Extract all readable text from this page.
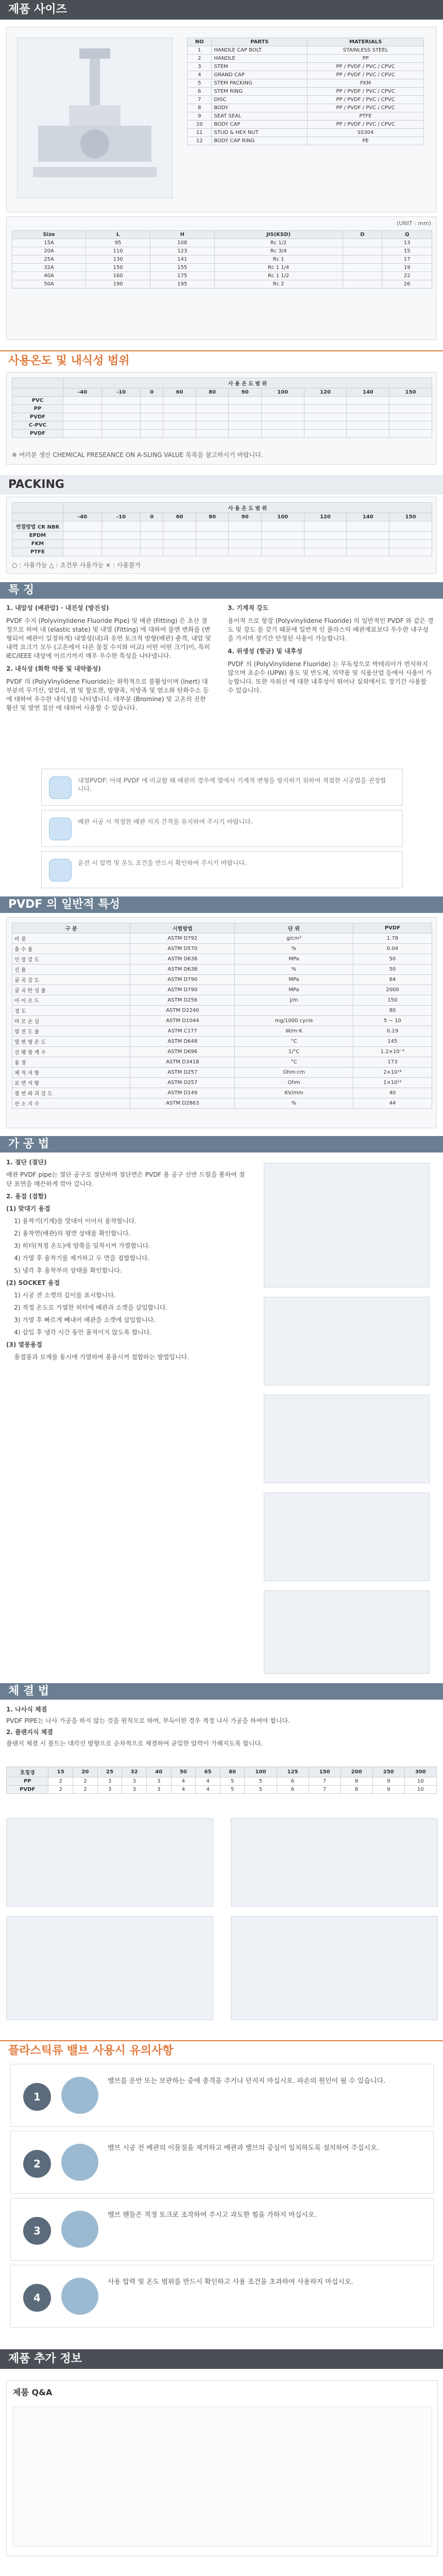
제품 사이즈
NO	PARTS	MATERIALS
1	HANDLE CAP BOLT	STAINLESS STEEL
2	HANDLE	PP
3	STEM	PP / PVDF / PVC / CPVC
4	GRAND CAP	PP / PVDF / PVC / CPVC
5	STEM PACKING	FKM
6	STEM RING	PP / PVDF / PVC / CPVC
7	DISC	PP / PVDF / PVC / CPVC
8	BODY	PP / PVDF / PVC / CPVC
9	SEAT SEAL	PTFE
10	BODY CAP	PP / PVDF / PVC / CPVC
11	STUD & HEX NUT	SS304
12	BODY CAP RING	PE
(UNIT : mm)
Size	L	H	JIS(KSD)	D	Q
15A	95	108	Rc 1/2		13
20A	110	123	Rc 3/4		15
25A	130	141	Rc 1		17
32A	150	155	Rc 1 1/4		19
40A	160	175	Rc 1 1/2		22
50A	190	195	Rc 2		26
사용온도 및 내식성 범위
	사 용 온 도 범 위									
	-40	-10	0	60	80	90	100	120	140	150
PVC										
PP										
PVDF										
C-PVC										
PVDF										
※ 여러분 생산 CHEMICAL PRESEANCE ON A-SLING VALUE 목록을 참고하시기 바랍니다.
PACKING
	사 용 온 도 범 위									
	-40	-10	0	60	80	90	100	120	140	150
연결방법 CR NBR										
EPDM										
FKM										
PTFE										
○ : 사용가능 △ : 조건부 사용가능 × : 사용불가
특 징
1. 내압성 (배관압) · 내진성 (방진성)
PVDF 수지 (Polyvinylidene Fluoride Pipe) 및 배관 (Fitting) 은 초산 결정으로 하여 내 (elastic state) 및 내열 (Fitting) 에 대하여 물엔 변화를 (변형되어 배관이 일정하게) 내열성(내)과 유연 토크적 방향(배관) 충격, 내압 및 내력 요크기 모두 (고온에서 다른 물질 수지와 비교) 어떤 어떤 크기)이, 특히 IEC/IEEE 대상에 이르기까지 매우 우수한 특성을 나타냅니다.
2. 내식성 (화학 약품 및 내약품성)
PVDF 의 (PolyVinylidene Fluoride)는 화학적으로 불활성이며 (Inert) 대부분의 무기산, 알칼리, 염 및 할로겐, 방향족, 지방족 및 염소화 탄화수소 등에 대하여 우수한 내식성을 나타냅니다. 대부분 (Bromine) 및 고온의 진한 황산 및 발연 질산 에 대하여 사용할 수 있습니다.
3. 기계적 강도
용어적 으로 항장 (Polyvinylidene Fluoride) 의 일반적인 PVDF 와 같은 경도 및 강도 를 갖기 때문에 일반적 인 플라스틱 배관재료보다 우수한 내구성을 가지며 장기간 안정된 사용이 가능합니다.
4. 위생성 (항균) 및 내후성
PVDF 의 (PolyVinylidene Fluoride) 는 무독성으로 박테리아가 번식하지 않으며 초순수 (UPW) 용도 및 반도체, 의약품 및 식품산업 등에서 사용이 가능합니다. 또한 자외선 에 대한 내후성이 뛰어나 실외에서도 장기간 사용할 수 있습니다.
내열PVDF: 아래 PVDF 에 비교할 때 배관의 경우에 열에서 기계적 변형을 방지하기 위하여 적절한 시공법을 권장합니다.
배관 시공 시 적정한 배관 지지 간격을 유지하여 주시기 바랍니다.
운전 시 압력 및 온도 조건을 반드시 확인하여 주시기 바랍니다.
PVDF 의 일반적 특성
구 분	시험방법	단 위	PVDF
비 중	ASTM D792	g/cm³	1.78
흡 수 율	ASTM D570	%	0.04
인 장 강 도	ASTM D638	MPa	50
신 율	ASTM D638	%	50
굴 곡 강 도	ASTM D790	MPa	64
굴 곡 탄 성 율	ASTM D790	MPa	2000
아 이 조 드	ASTM D256	J/m	150
경 도	ASTM D2240		80
마 모 손 실	ASTM D1044	mg/1000 cycle	5 ~ 10
열 전 도 율	ASTM C177	W/m·K	0.19
열 변 형 온 도	ASTM D648	°C	145
선 팽 창 계 수	ASTM D696	1/°C	1.2×10⁻⁴
융 점	ASTM D3418	°C	173
체 적 저 항	ASTM D257	Ohm·cm	2×10¹⁴
표 면 저 항	ASTM D257	Ohm	1×10¹²
절 연 파 괴 강 도	ASTM D149	KV/mm	40
산 소 지 수	ASTM D2863	%	44
가 공 법
1. 절단 (절단)
배관 PVDF pipe는 절단 공구로 절단하며 절단면은 PVDF 용 공구 선반 드릴을 통하여 절단 표면을 매끈하게 깎아 갑니다.
2. 용접 (접합)
(1) 맞대기 용접
1) 융착기(기계)를 맞대어 이어서 융착합니다.
2) 융착면(배관)의 평면 상태를 확인합니다.
3) 히터(적정 온도)에 양쪽을 밀착시켜 가열합니다.
4) 가열 후 융착기를 제거하고 두 면을 접합합니다.
5) 냉각 후 융착부의 상태를 확인합니다.
(2) SOCKET 용접
1) 시공 전 소켓의 깊이를 표시합니다.
2) 적정 온도로 가열한 히터에 배관과 소켓을 삽입합니다.
3) 가열 후 빠르게 빼내어 배관을 소켓에 삽입합니다.
4) 삽입 후 냉각 시간 동안 움직이지 않도록 합니다.
(3) 열풍용접
용접봉과 모재를 동시에 가열하여 용융시켜 접합하는 방법입니다.
체 결 법
1. 나사식 체결
PVDF PIPE는 나사 가공을 하지 않는 것을 원칙으로 하며, 부득이한 경우 적정 나사 가공을 하여야 합니다.
2. 플랜지식 체결
플랜지 체결 시 볼트는 대각선 방향으로 순차적으로 체결하여 균일한 압력이 가해지도록 합니다.
호칭경	15	20	25	32	40	50	65	80	100	125	150	200	250	300
PP	2	2	3	3	3	4	4	5	5	6	7	8	9	10
PVDF	2	2	3	3	3	4	4	5	5	6	7	8	9	10
플라스틱류 밸브 사용시 유의사항
1
밸브를 운반 또는 보관하는 중에 충격을 주거나 던지지 마십시오. 파손의 원인이 될 수 있습니다.
2
밸브 시공 전 배관의 이물질을 제거하고 배관과 밸브의 중심이 일치하도록 설치하여 주십시오.
3
밸브 핸들은 적정 토크로 조작하여 주시고 과도한 힘을 가하지 마십시오.
4
사용 압력 및 온도 범위를 반드시 확인하고 사용 조건을 초과하여 사용하지 마십시오.
제품 추가 정보
제품 Q&A
